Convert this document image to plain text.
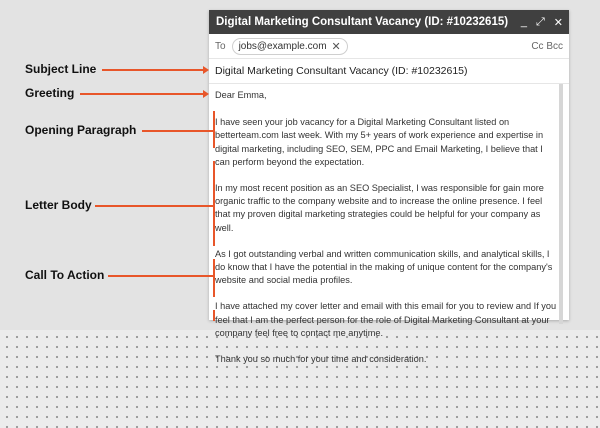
Digital Marketing Consultant Vacancy (ID: #10232615)	_ ⤢ ✕
To jobs@example.com ✕	Cc Bcc
Digital Marketing Consultant Vacancy (ID: #10232615)

Dear Emma,

I have seen your job vacancy for a Digital Marketing Consultant listed on betterteam.com last week. With my 5+ years of work experience and expertise in digital marketing, including SEO, SEM, PPC and Email Marketing, I believe that I can perform beyond the expectation.

In my most recent position as an SEO Specialist, I was responsible for gain more organic traffic to the company website and to increase the online presence. I feel that my proven digital marketing strategies could be helpful for your company as well.

As I got outstanding verbal and written communication skills, and analytical skills, I do know that I have the potential in the making of unique content for the company's website and social media profiles.

I have attached my cover letter and email with this email for you to review and If you feel that I am the perfect person for the role of Digital Marketing Consultant at your company feel free to contact me anytime.

Thank you so much for your time and consideration.

Subject Line
Greeting
Opening Paragraph
Letter Body
Call To Action
